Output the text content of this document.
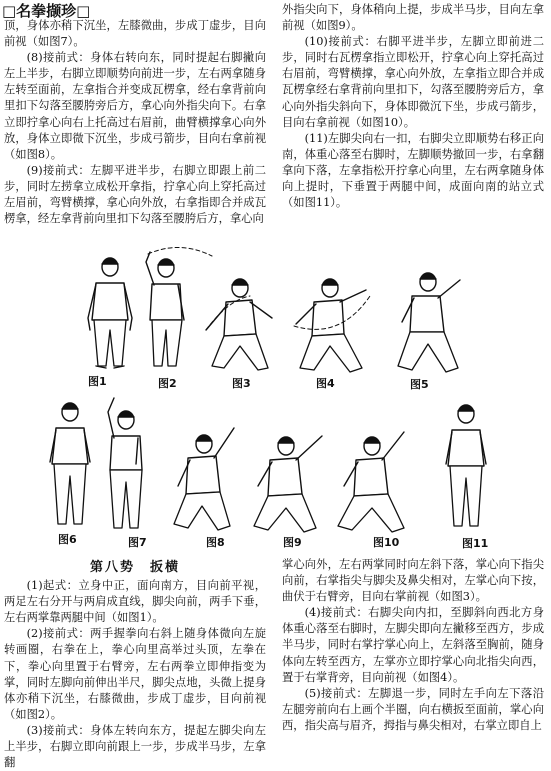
□名拳撷珍□

顶，身体亦稍下沉坐，左膝微曲，步成丁虚步，目向前视（如图7）。

(8)接前式：身体右转向东，同时提起右脚撇向左上半步，右脚立即顺势向前进一步，左右两拿随身左转至面前，左拿指合并变成瓦楞拿，经右拿背前向里扣下勾落至腰胯旁后方，拿心向外指尖向下。右拿立即拧拿心向右上托高过右眉前，曲臂横撑拿心向外放，身体立即微下沉坐，步成弓箭步，目向右拿前视（如图8）。

(9)接前式：左脚平进半步，右脚立即跟上前二步，同时左捞拿立成松开拿指，拧拿心向上穿托高过左眉前，弯臂横撑，拿心向外放，右拿指即合并成瓦楞拿，经左拿背前向里扣下勾落至腰胯后方，拿心向

外指尖向下，身体稍向上提，步成半马步，目向左拿前视（如图9）。

(10)接前式：右脚平进半步，左脚立即前进二步，同时右瓦楞拿指立即松开，拧拿心向上穿托高过右眉前，弯臂横撑，拿心向外放，左拿指立即合并成瓦楞拿经右拿背前向里扣下，勾落至腰胯旁后方，拿心向外指尖斜向下，身体即微沉下坐，步成弓箭步，目向右拿前视（如图10）。

(11)左脚尖向右一扣，右脚尖立即顺势右移正向南，体重心落至右脚时，左脚顺势撤回一步，右拿翻拿向下落，左拿指松开拧拿心向里，左右两拿随身体向上提时，下垂置于两腿中间，成面向南的站立式（如图11）。

图1	图2	图3	图4	图5
图6	图7	图8	图9	图10	图11
第八势　扳横

(1)起式：立身中正，面向南方，目向前平视，两足左右分开与两肩成直线，脚尖向前，两手下垂，左右两掌靠两腿中间（如图1）。

(2)接前式：两手握拳向右斜上随身体微向左旋转画圈，右拳在上，拳心向里高举过头顶，左拳在下，拳心向里置于右臂旁，左右两拳立即伸指变为掌，同时左脚向前伸出半尺，脚尖点地，头微上提身体亦稍下沉坐，右膝微曲，步成丁虚步，目向前视（如图2）。

(3)接前式：身体左转向东方，提起左脚尖向左上半步，右脚立即向前跟上一步，步成半马步，左拿翻

掌心向外，左右两掌同时向左斜下落，掌心向下指尖向前，右掌指尖与脚尖及鼻尖相对，左掌心向下按，曲伏于右臂旁，目向右掌前视（如图3）。

(4)接前式：右脚尖向内扣，至脚斜向西北方身体重心落至右脚时，左脚尖即向左撇移至西方，步成半马步，同时右掌拧掌心向上，左斜落至胸前，随身体向左转至西方，左掌亦立即拧掌心向北指尖向西，置于右掌背旁，目向前视（如图4）。

(5)接前式：左脚退一步，同时左手向左下落沿左腿旁前向右上画个半圈，向右横扳至面前，掌心向西，指尖高与眉齐，拇指与鼻尖相对，右掌立即自上
